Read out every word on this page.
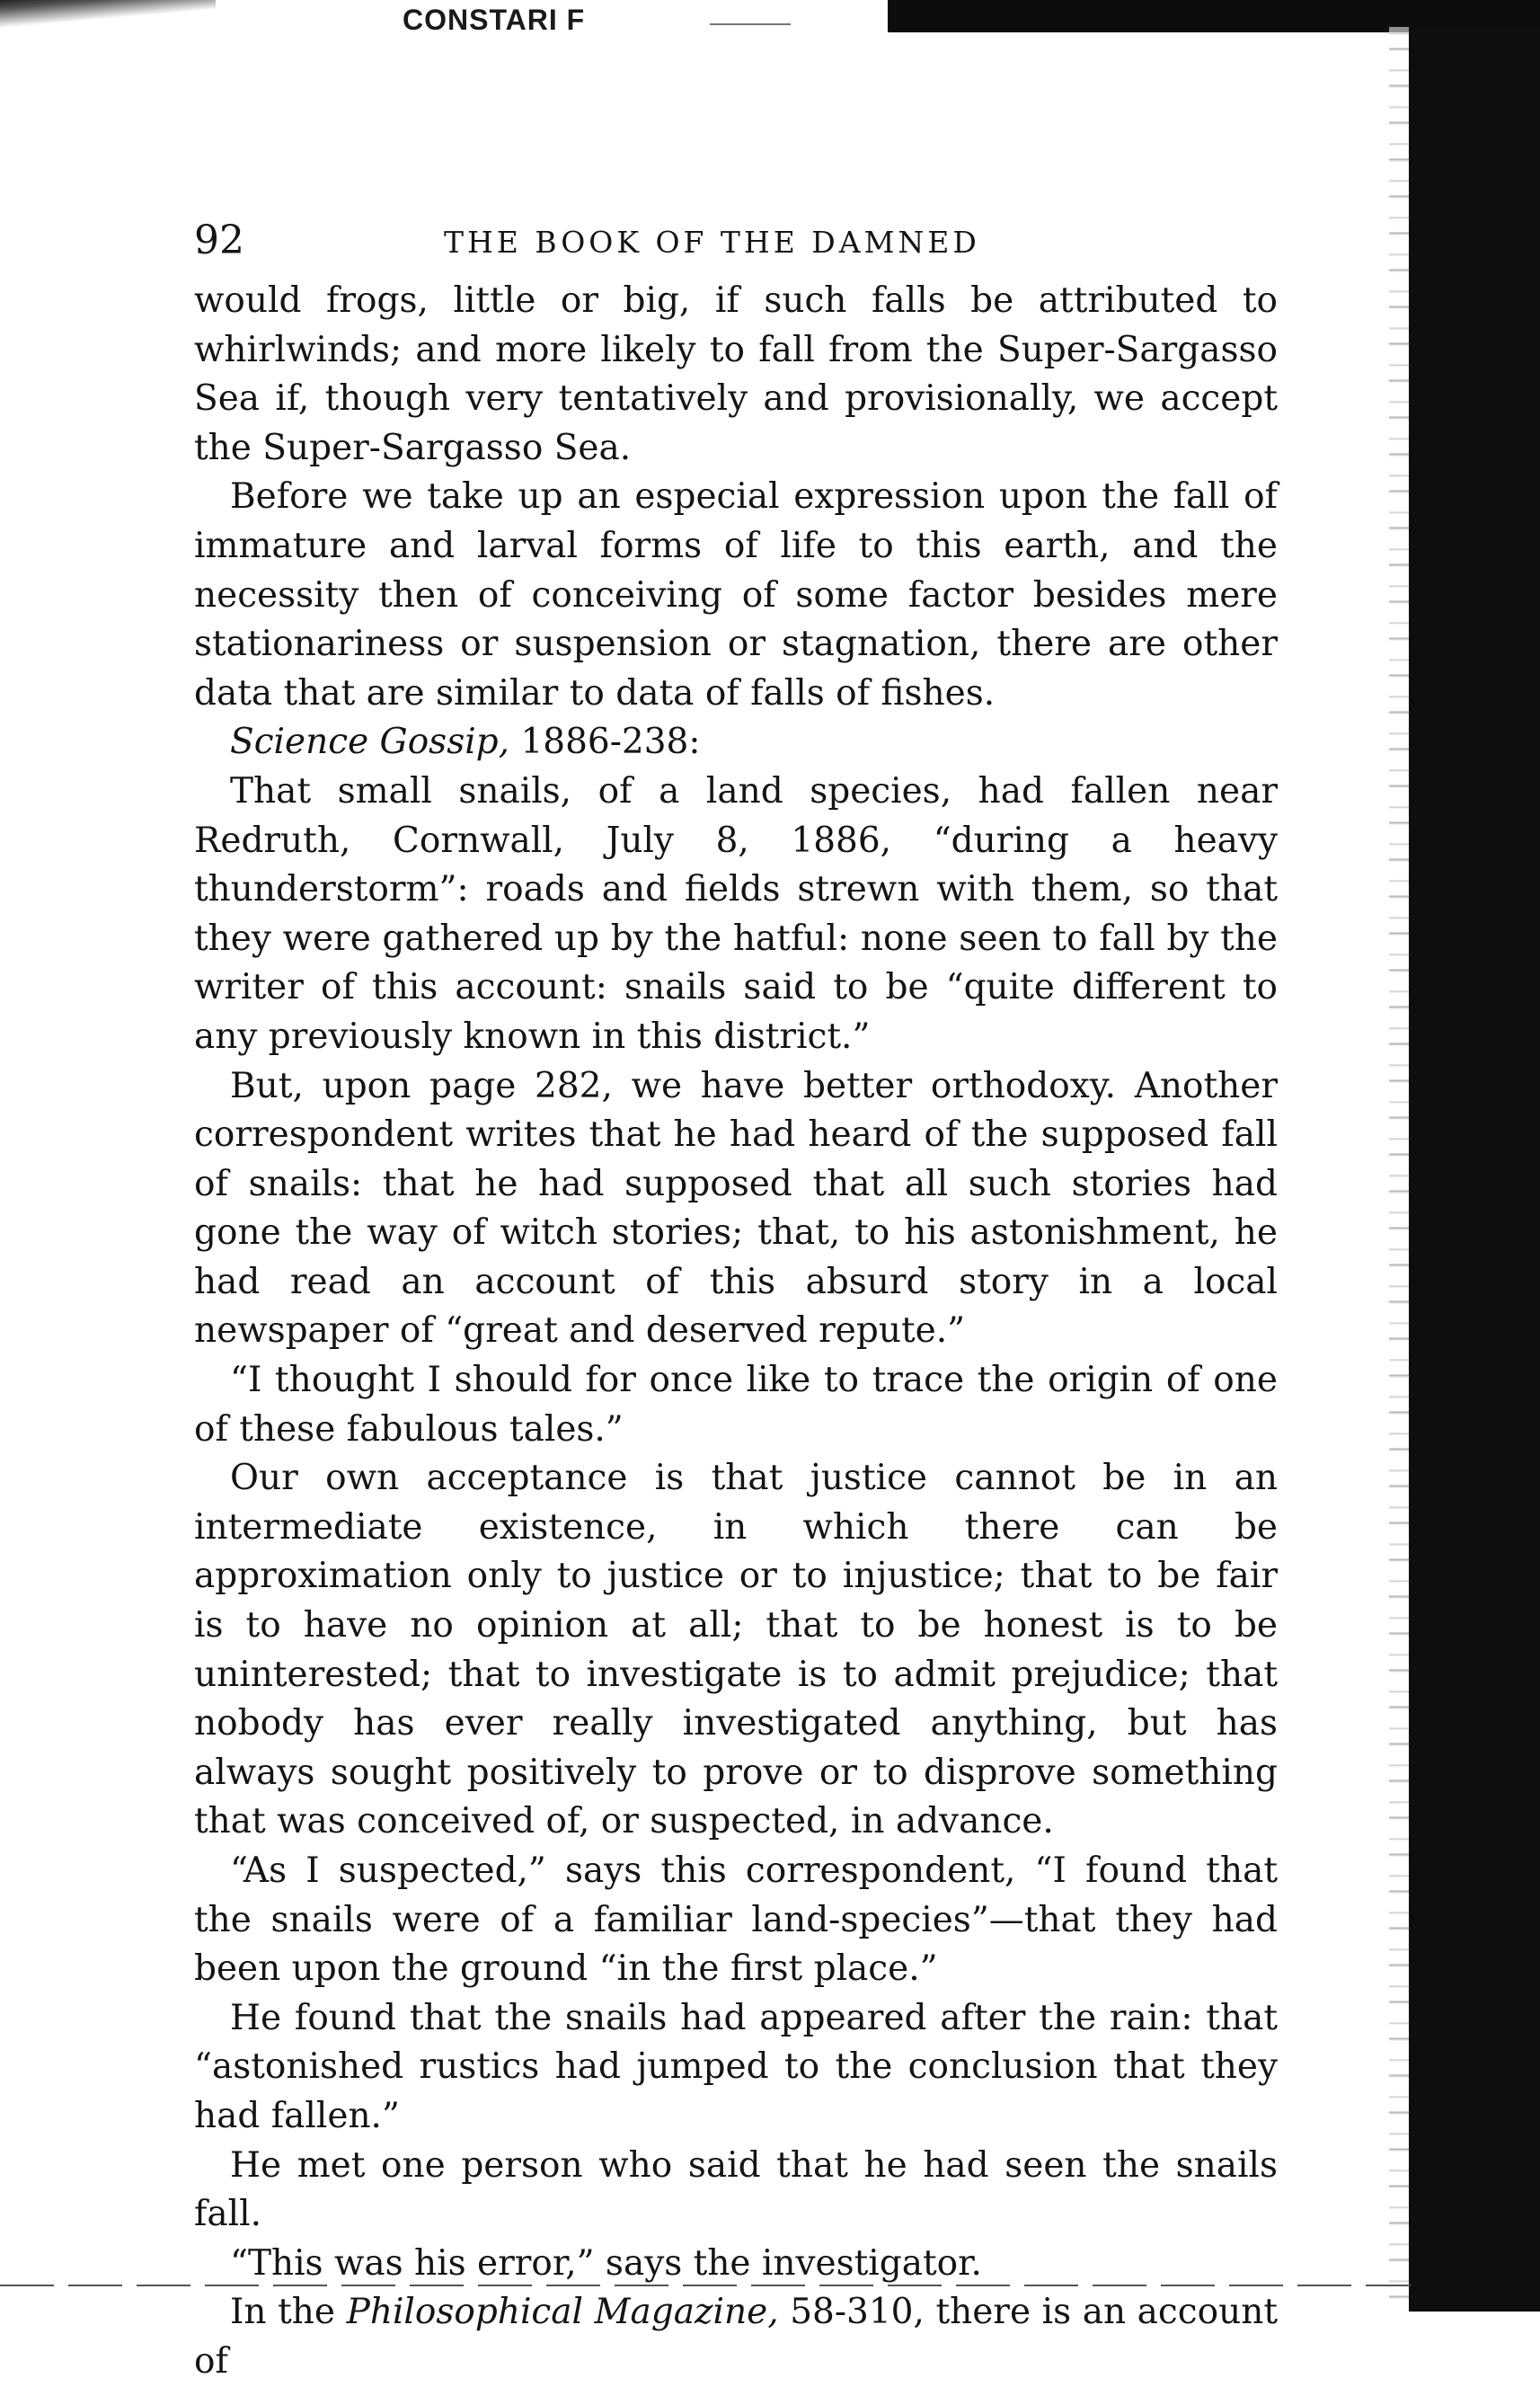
CONSTARI F
92	THE BOOK OF THE DAMNED

would frogs, little or big, if such falls be attributed to whirlwinds; and more likely to fall from the Super-Sargasso Sea if, though very tentatively and provisionally, we accept the Super-Sargasso Sea.

Before we take up an especial expression upon the fall of immature and larval forms of life to this earth, and the necessity then of conceiving of some factor besides mere stationariness or suspension or stagnation, there are other data that are similar to data of falls of fishes.

Science Gossip, 1886-238:

That small snails, of a land species, had fallen near Redruth, Cornwall, July 8, 1886, “during a heavy thunderstorm”: roads and fields strewn with them, so that they were gathered up by the hatful: none seen to fall by the writer of this account: snails said to be “quite different to any previously known in this district.”

But, upon page 282, we have better orthodoxy. Another correspondent writes that he had heard of the supposed fall of snails: that he had supposed that all such stories had gone the way of witch stories; that, to his astonishment, he had read an account of this absurd story in a local newspaper of “great and deserved repute.”

“I thought I should for once like to trace the origin of one of these fabulous tales.”

Our own acceptance is that justice cannot be in an intermediate existence, in which there can be approximation only to justice or to injustice; that to be fair is to have no opinion at all; that to be honest is to be uninterested; that to investigate is to admit prejudice; that nobody has ever really investigated anything, but has always sought positively to prove or to disprove something that was conceived of, or suspected, in advance.

“As I suspected,” says this correspondent, “I found that the snails were of a familiar land-species”—that they had been upon the ground “in the first place.”

He found that the snails had appeared after the rain: that “astonished rustics had jumped to the conclusion that they had fallen.”

He met one person who said that he had seen the snails fall.

“This was his error,” says the investigator.

In the Philosophical Magazine, 58-310, there is an account of
